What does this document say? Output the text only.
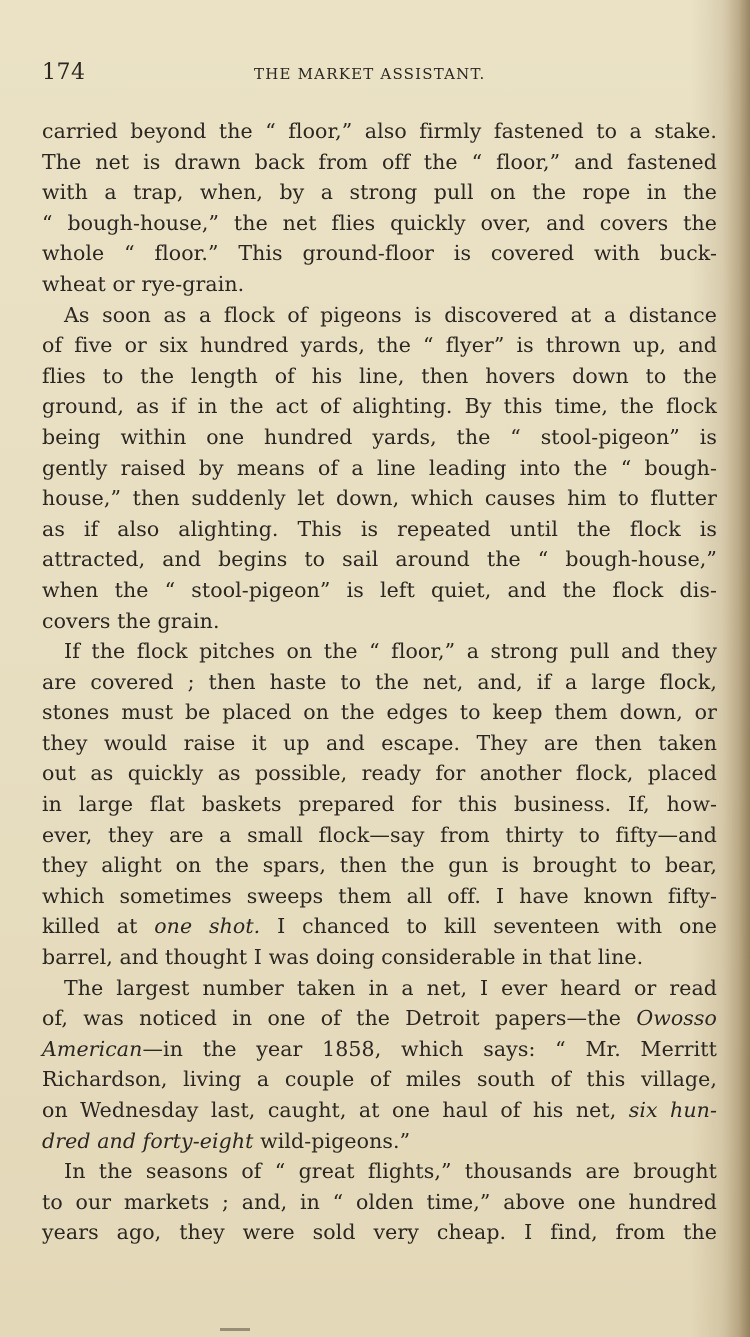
174	THE MARKET ASSISTANT.
carried beyond the “ floor,” also firmly fastened to a stake.
The net is drawn back from off the “ floor,” and fastened
with a trap, when, by a strong pull on the rope in the
“ bough-house,” the net flies quickly over, and covers the
whole “ floor.” This ground-floor is covered with buck-
wheat or rye-grain.
As soon as a flock of pigeons is discovered at a distance
of five or six hundred yards, the “ flyer” is thrown up, and
flies to the length of his line, then hovers down to the
ground, as if in the act of alighting. By this time, the flock
being within one hundred yards, the “ stool-pigeon” is
gently raised by means of a line leading into the “ bough-
house,” then suddenly let down, which causes him to flutter
as if also alighting. This is repeated until the flock is
attracted, and begins to sail around the “ bough-house,”
when the “ stool-pigeon” is left quiet, and the flock dis-
covers the grain.
If the flock pitches on the “ floor,” a strong pull and they
are covered ; then haste to the net, and, if a large flock,
stones must be placed on the edges to keep them down, or
they would raise it up and escape. They are then taken
out as quickly as possible, ready for another flock, placed
in large flat baskets prepared for this business. If, how-
ever, they are a small flock—say from thirty to fifty—and
they alight on the spars, then the gun is brought to bear,
which sometimes sweeps them all off. I have known fifty-
killed at one shot. I chanced to kill seventeen with one
barrel, and thought I was doing considerable in that line.
The largest number taken in a net, I ever heard or read
of, was noticed in one of the Detroit papers—the Owosso
American—in the year 1858, which says: “ Mr. Merritt
Richardson, living a couple of miles south of this village,
on Wednesday last, caught, at one haul of his net, six hun-
dred and forty-eight wild-pigeons.”
In the seasons of “ great flights,” thousands are brought
to our markets ; and, in “ olden time,” above one hundred
years ago, they were sold very cheap. I find, from the
